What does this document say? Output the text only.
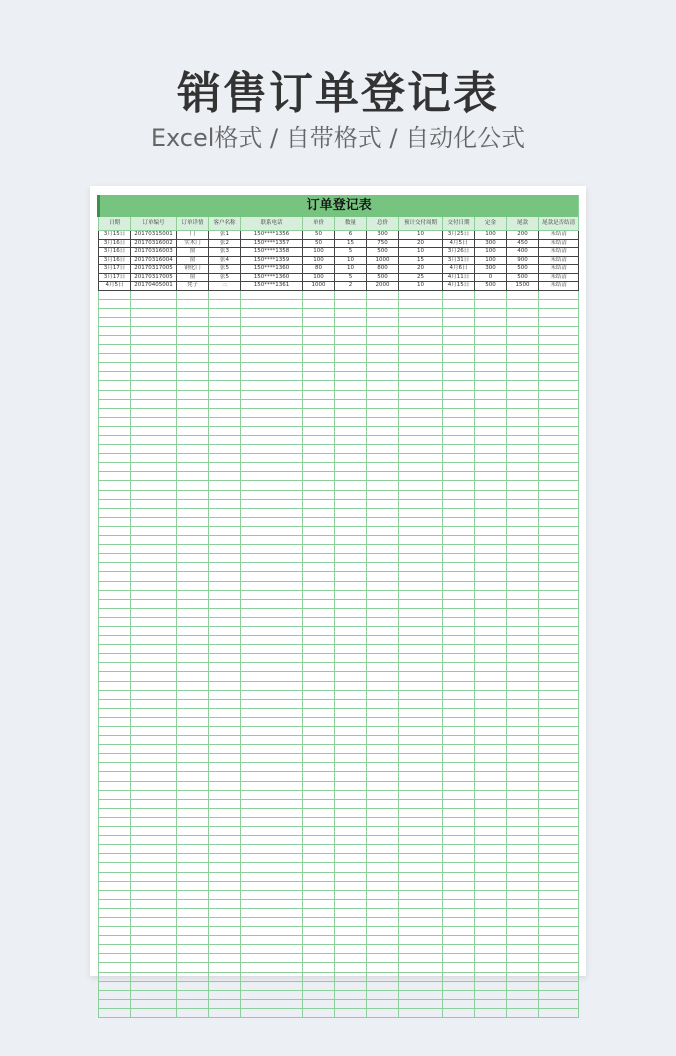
销售订单登记表
Excel格式 / 自带格式 / 自动化公式
订单登记表												
日期	订单编号	订单详情	客户名称	联系电话	单价	数量	总价	预计交付周期	交付日期	定金	尾款	尾款是否结清
3月15日	20170315001	门	张1	150****1356	50	6	300	10	3月25日	100	200	未结清
3月16日	20170316002	实木门	张2	150****1357	50	15	750	20	4月5日	300	450	未结清
3月16日	20170316003	窗	张3	150****1358	100	5	500	10	3月26日	100	400	未结清
3月16日	20170316004	窗	张4	150****1359	100	10	1000	15	3月31日	100	900	未结清
3月17日	20170317005	钢化门	张5	150****1360	80	10	800	20	4月6日	300	500	未结清
3月17日	20170317005	窗	张5	150****1360	100	5	500	25	4月11日	0	500	未结清
4月5日	20170405001	凳子	三	150****1361	1000	2	2000	10	4月15日	500	1500	未结清
